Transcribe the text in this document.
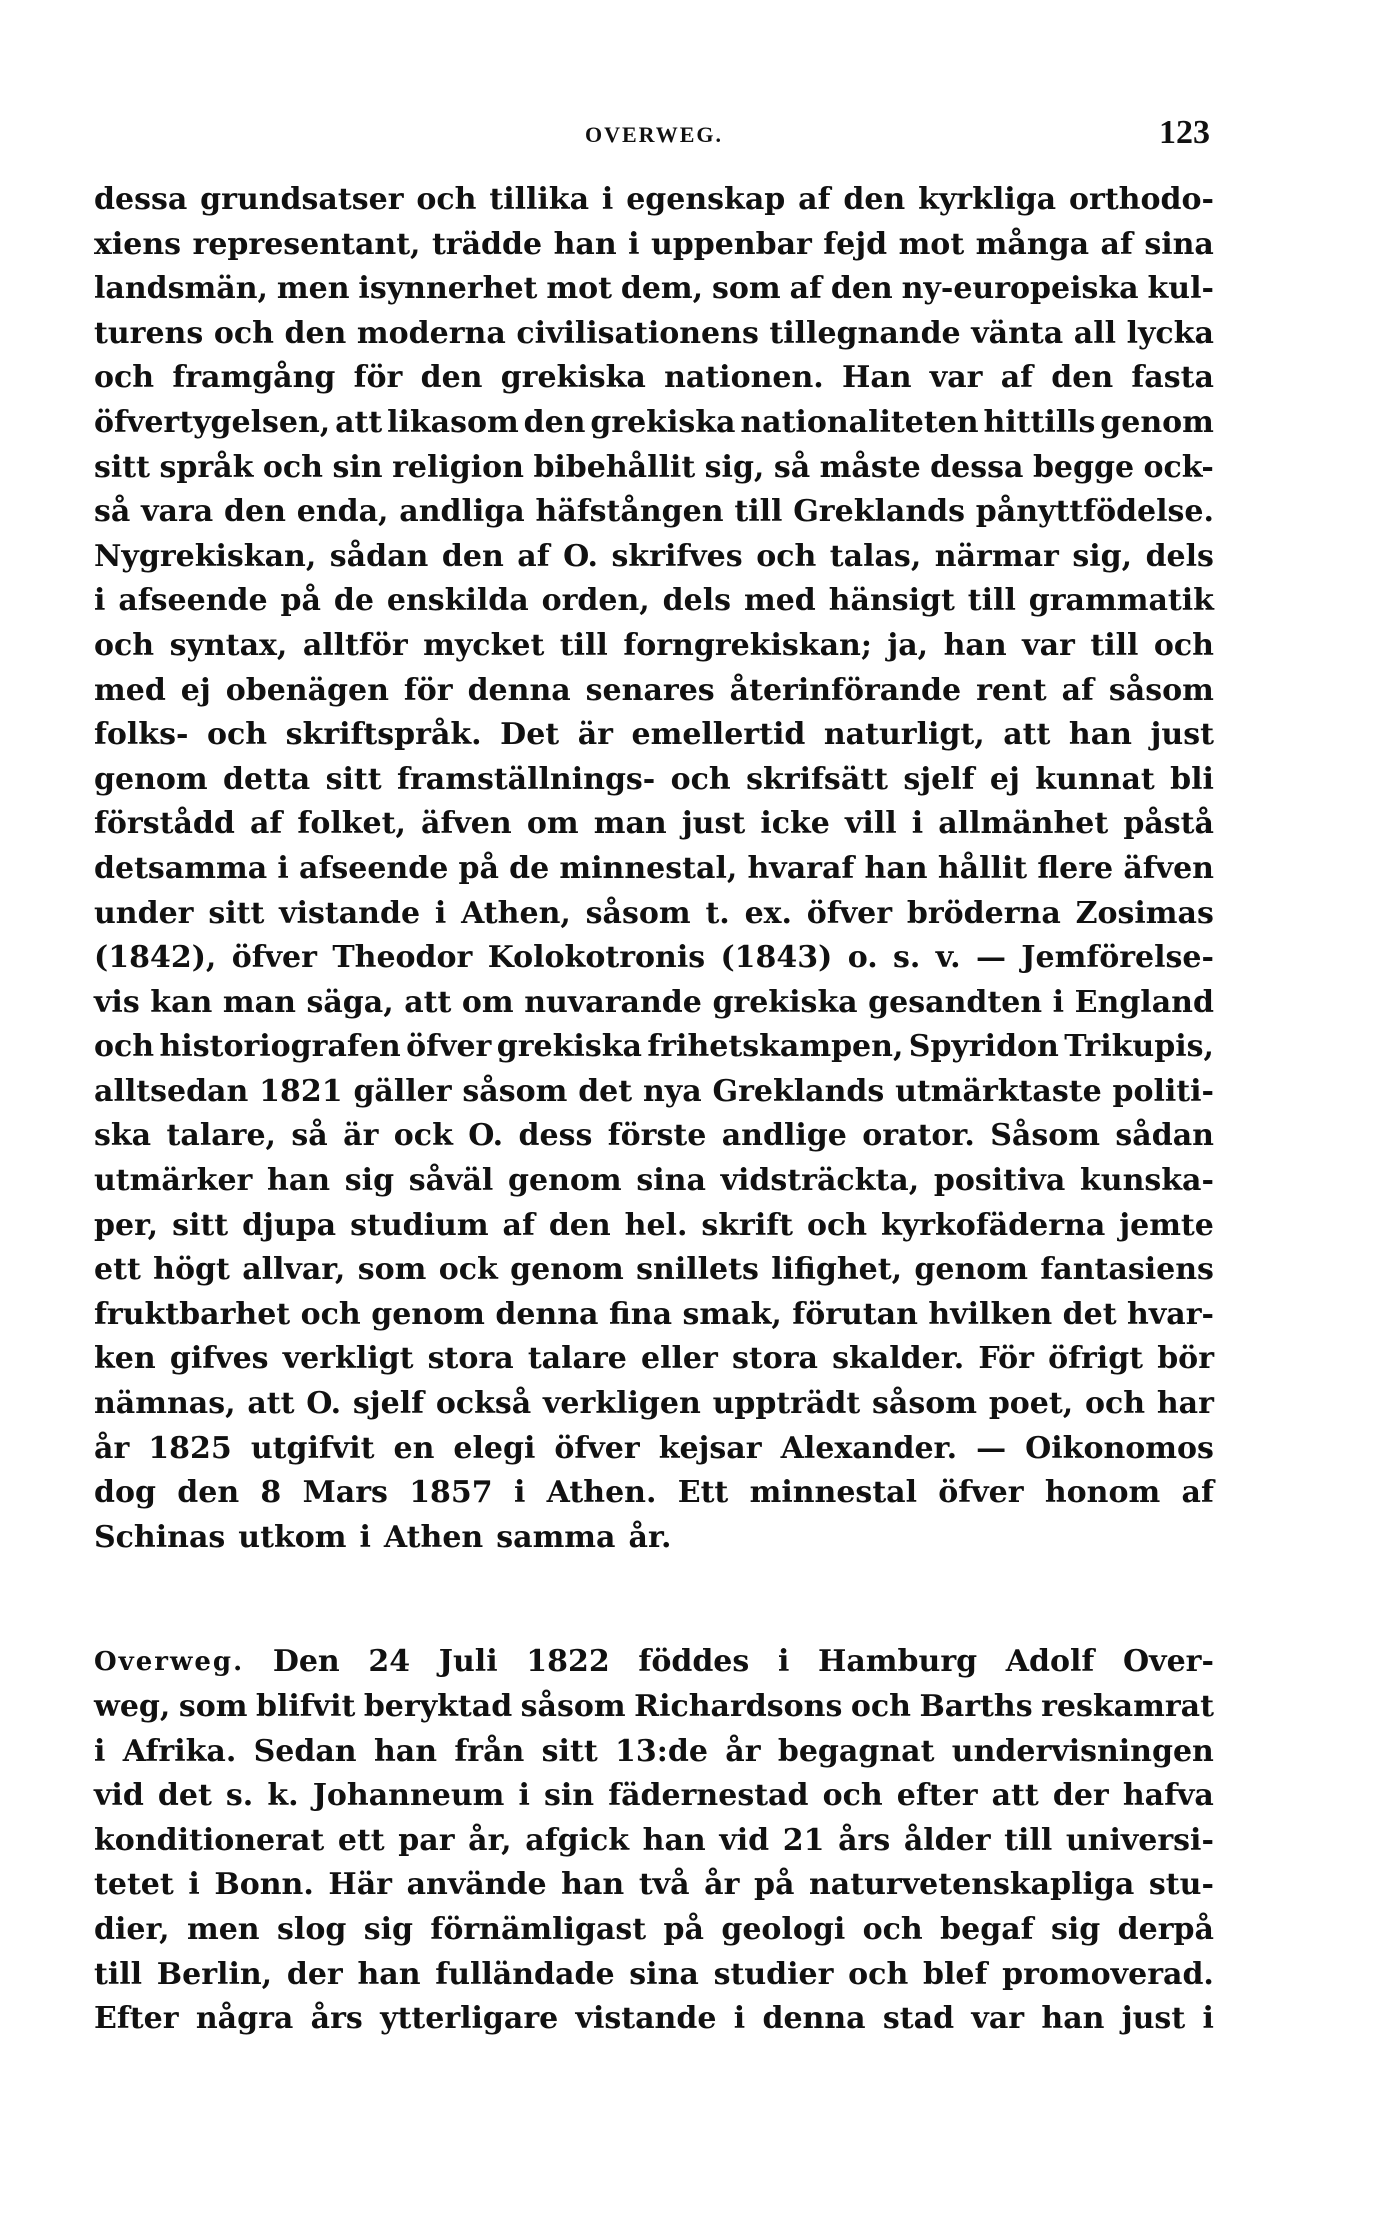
OVERWEG.	123
dessa grundsatser och tillika i egenskap af den kyrkliga orthodo-
xiens representant, trädde han i uppenbar fejd mot många af sina
landsmän, men isynnerhet mot dem, som af den ny-europeiska kul-
turens och den moderna civilisationens tillegnande vänta all lycka
och framgång för den grekiska nationen. Han var af den fasta
öfvertygelsen, att likasom den grekiska nationaliteten hittills genom
sitt språk och sin religion bibehållit sig, så måste dessa begge ock-
så vara den enda, andliga häfstången till Greklands pånyttfödelse.
Nygrekiskan, sådan den af O. skrifves och talas, närmar sig, dels
i afseende på de enskilda orden, dels med hänsigt till grammatik
och syntax, alltför mycket till forngrekiskan; ja, han var till och
med ej obenägen för denna senares återinförande rent af såsom
folks- och skriftspråk. Det är emellertid naturligt, att han just
genom detta sitt framställnings- och skrifsätt sjelf ej kunnat bli
förstådd af folket, äfven om man just icke vill i allmänhet påstå
detsamma i afseende på de minnestal, hvaraf han hållit flere äfven
under sitt vistande i Athen, såsom t. ex. öfver bröderna Zosimas
(1842), öfver Theodor Kolokotronis (1843) o. s. v. — Jemförelse-
vis kan man säga, att om nuvarande grekiska gesandten i England
och historiografen öfver grekiska frihetskampen, Spyridon Trikupis,
alltsedan 1821 gäller såsom det nya Greklands utmärktaste politi-
ska talare, så är ock O. dess förste andlige orator. Såsom sådan
utmärker han sig såväl genom sina vidsträckta, positiva kunska-
per, sitt djupa studium af den hel. skrift och kyrkofäderna jemte
ett högt allvar, som ock genom snillets lifighet, genom fantasiens
fruktbarhet och genom denna fina smak, förutan hvilken det hvar-
ken gifves verkligt stora talare eller stora skalder. För öfrigt bör
nämnas, att O. sjelf också verkligen uppträdt såsom poet, och har
år 1825 utgifvit en elegi öfver kejsar Alexander. — Oikonomos
dog den 8 Mars 1857 i Athen. Ett minnestal öfver honom af
Schinas utkom i Athen samma år.
Overweg. Den 24 Juli 1822 föddes i Hamburg Adolf Over-
weg, som blifvit beryktad såsom Richardsons och Barths reskamrat
i Afrika. Sedan han från sitt 13:de år begagnat undervisningen
vid det s. k. Johanneum i sin fädernestad och efter att der hafva
konditionerat ett par år, afgick han vid 21 års ålder till universi-
tetet i Bonn. Här använde han två år på naturvetenskapliga stu-
dier, men slog sig förnämligast på geologi och begaf sig derpå
till Berlin, der han fulländade sina studier och blef promoverad.
Efter några års ytterligare vistande i denna stad var han just i
